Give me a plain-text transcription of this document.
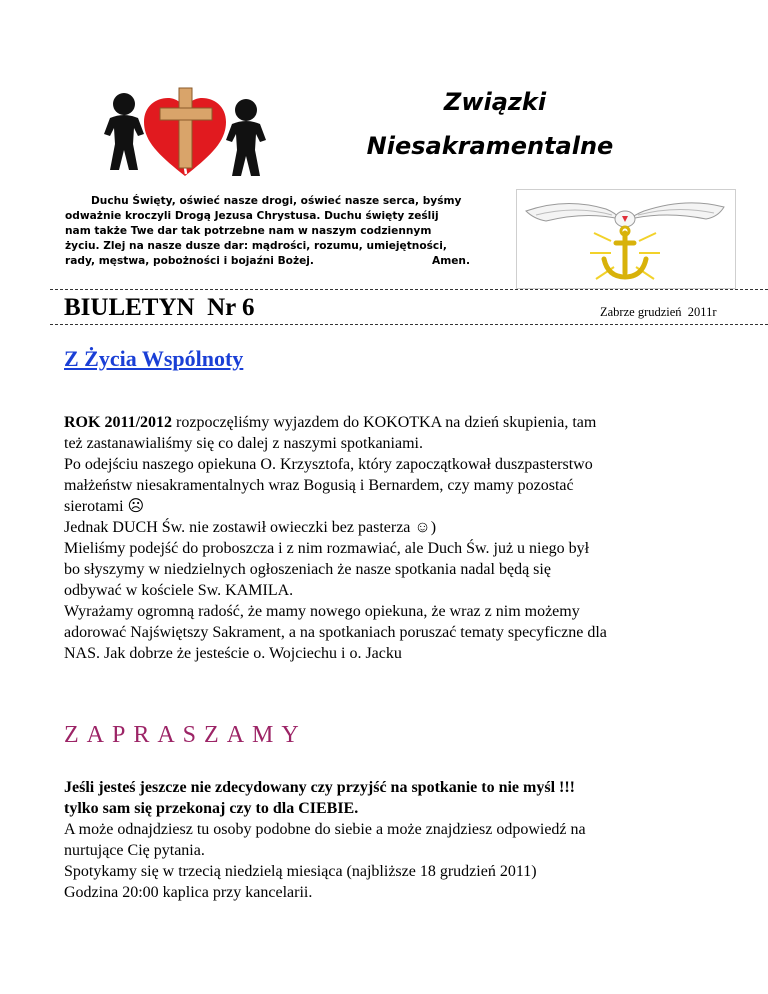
Związki
Niesakramentalne
Duchu Święty, oświeć nasze drogi, oświeć nasze serca, byśmy
odważnie kroczyli Drogą Jezusa Chrystusa. Duchu święty ześlij
nam także Twe dar tak potrzebne nam w naszym codziennym
życiu. Zlej na nasze dusze dar: mądrości, rozumu, umiejętności,
rady, męstwa, pobożności i bojaźni Bożej.	Amen.
BIULETYN  Nr 6	Zabrze grudzień  2011r
Z Życia Wspólnoty
ROK 2011/2012 rozpoczęliśmy wyjazdem do KOKOTKA na dzień skupienia, tam
też zastanawialiśmy się co dalej z naszymi spotkaniami.
Po odejściu naszego opiekuna O. Krzysztofa, który zapoczątkował duszpasterstwo
małżeństw niesakramentalnych wraz Bogusią i Bernardem, czy mamy pozostać
sierotami ☹
Jednak DUCH Św. nie zostawił owieczki bez pasterza ☺)
Mieliśmy podejść do proboszcza i z nim rozmawiać, ale Duch Św. już u niego był
bo słyszymy w niedzielnych ogłoszeniach że nasze spotkania nadal będą się
odbywać w kościele Sw. KAMILA.
Wyrażamy ogromną radość, że mamy nowego opiekuna, że wraz z nim możemy
adorować Najświętszy Sakrament, a na spotkaniach poruszać tematy specyficzne dla
NAS. Jak dobrze że jesteście o. Wojciechu i o. Jacku
ZAPRASZAMY
Jeśli jesteś jeszcze nie zdecydowany czy przyjść na spotkanie to nie myśl !!!
tylko sam się przekonaj czy to dla CIEBIE.
A może odnajdziesz tu osoby podobne do siebie a może znajdziesz odpowiedź na
nurtujące Cię pytania.
Spotykamy się w trzecią niedzielą miesiąca (najbliższe 18 grudzień 2011)
Godzina 20:00 kaplica przy kancelarii.
